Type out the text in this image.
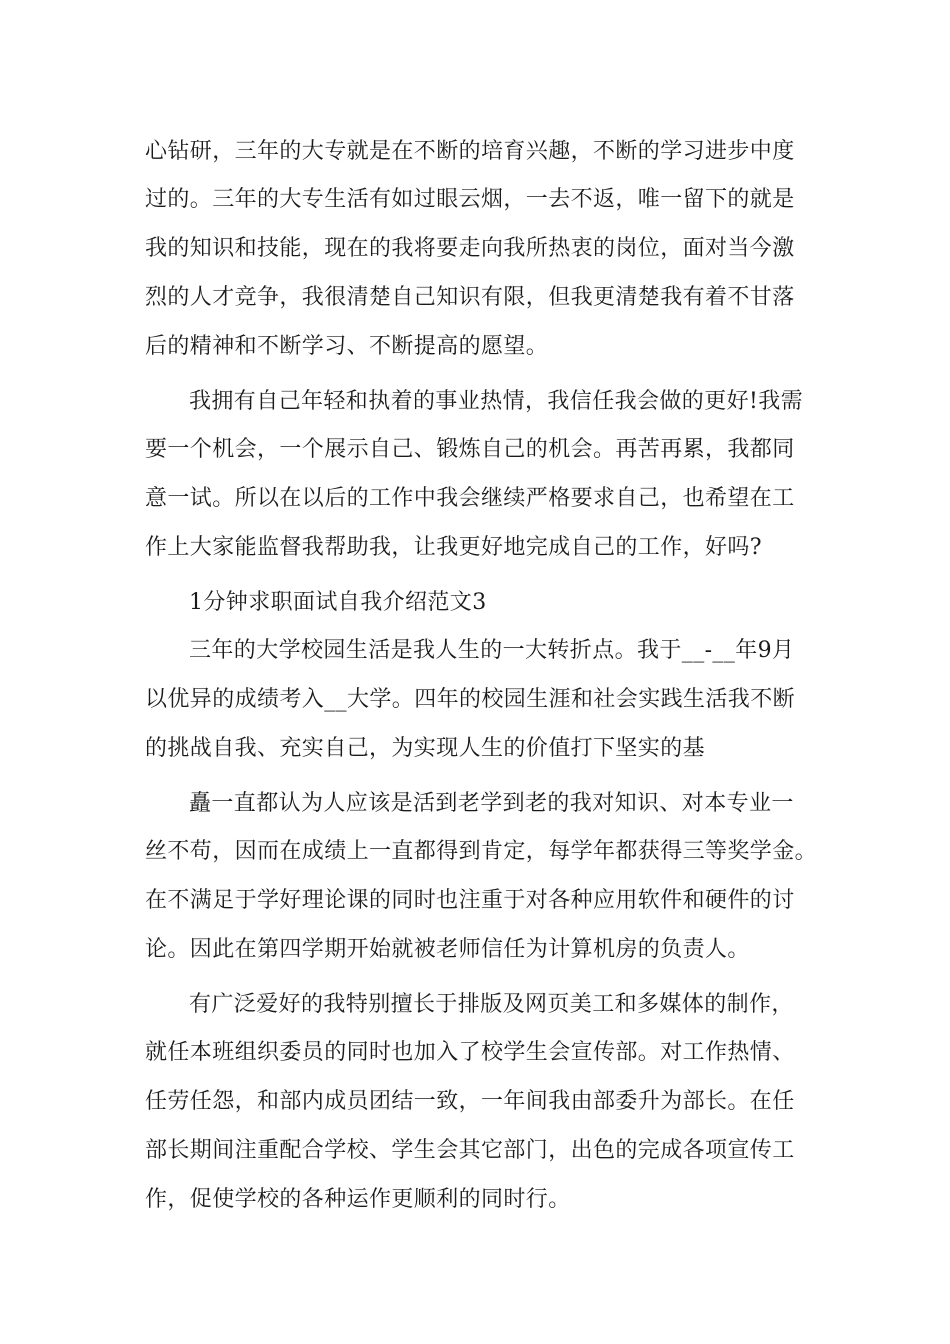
心钻研，三年的大专就是在不断的培育兴趣，不断的学习进步中度
过的。三年的大专生活有如过眼云烟，一去不返，唯一留下的就是
我的知识和技能，现在的我将要走向我所热衷的岗位，面对当今激
烈的人才竞争，我很清楚自己知识有限，但我更清楚我有着不甘落
后的精神和不断学习、不断提高的愿望。
我拥有自己年轻和执着的事业热情，我信任我会做的更好!我需
要一个机会，一个展示自己、锻炼自己的机会。再苦再累，我都同
意一试。所以在以后的工作中我会继续严格要求自己，也希望在工
作上大家能监督我帮助我，让我更好地完成自己的工作，好吗?
1分钟求职面试自我介绍范文3
三年的大学校园生活是我人生的一大转折点。我于__-__年9月
以优异的成绩考入__大学。四年的校园生涯和社会实践生活我不断
的挑战自我、充实自己，为实现人生的价值打下坚实的基
矗一直都认为人应该是活到老学到老的我对知识、对本专业一
丝不苟，因而在成绩上一直都得到肯定，每学年都获得三等奖学金。
在不满足于学好理论课的同时也注重于对各种应用软件和硬件的讨
论。因此在第四学期开始就被老师信任为计算机房的负责人。
有广泛爱好的我特别擅长于排版及网页美工和多媒体的制作，
就任本班组织委员的同时也加入了校学生会宣传部。对工作热情、
任劳任怨，和部内成员团结一致，一年间我由部委升为部长。在任
部长期间注重配合学校、学生会其它部门，出色的完成各项宣传工
作，促使学校的各种运作更顺利的同时行。
